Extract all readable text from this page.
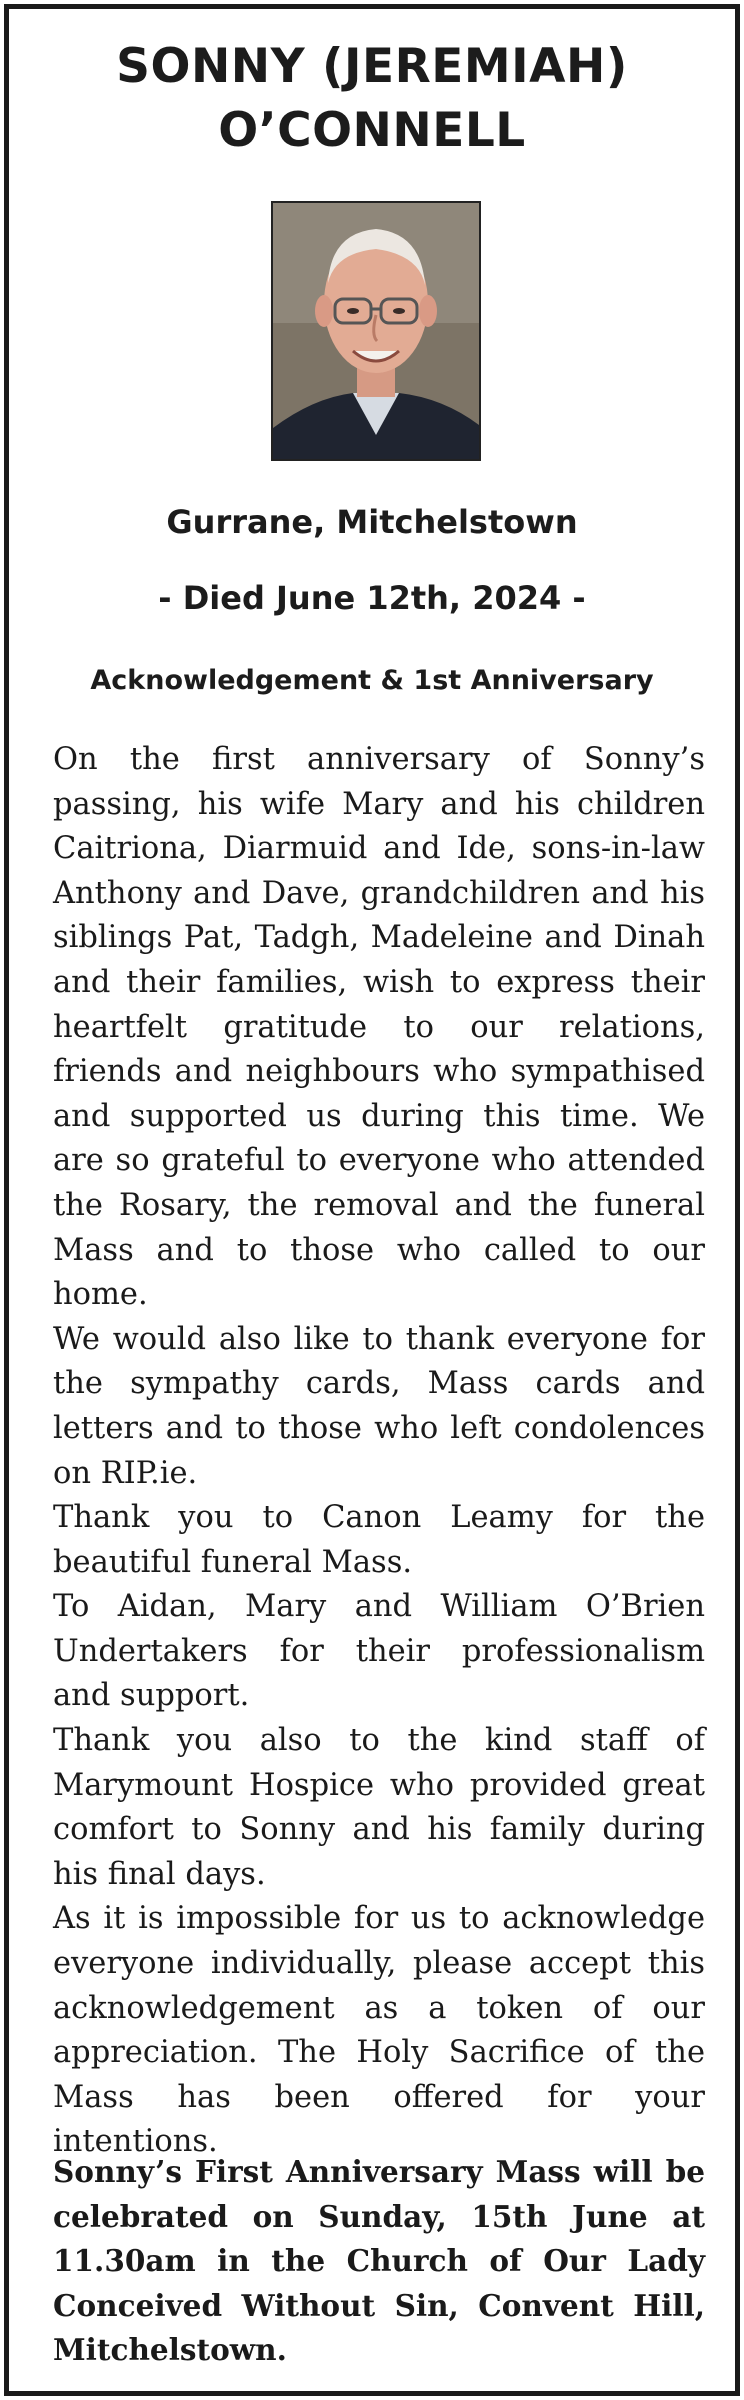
SONNY (JEREMIAH)
O’CONNELL
Gurrane, Mitchelstown
- Died June 12th, 2024 -
Acknowledgement & 1st Anniversary

On the first anniversary of Sonny’s passing, his wife Mary and his children Caitriona, Diarmuid and Ide, sons-in-law Anthony and Dave, grandchildren and his siblings Pat, Tadgh, Madeleine and Dinah and their families, wish to express their heartfelt gratitude to our relations, friends and neighbours who sympathised and supported us during this time. We are so grateful to everyone who attended the Rosary, the removal and the funeral Mass and to those who called to our home.

We would also like to thank everyone for the sympathy cards, Mass cards and letters and to those who left condolences on RIP.ie.

Thank you to Canon Leamy for the beautiful funeral Mass.

To Aidan, Mary and William O’Brien Undertakers for their professionalism and support.

Thank you also to the kind staff of Marymount Hospice who provided great comfort to Sonny and his family during his final days.

As it is impossible for us to acknowledge everyone individually, please accept this acknowledgement as a token of our appreciation. The Holy Sacrifice of the Mass has been offered for your intentions.

Sonny’s First Anniversary Mass will be celebrated on Sunday, 15th June at 11.30am in the Church of Our Lady Conceived Without Sin, Convent Hill, Mitchelstown.
